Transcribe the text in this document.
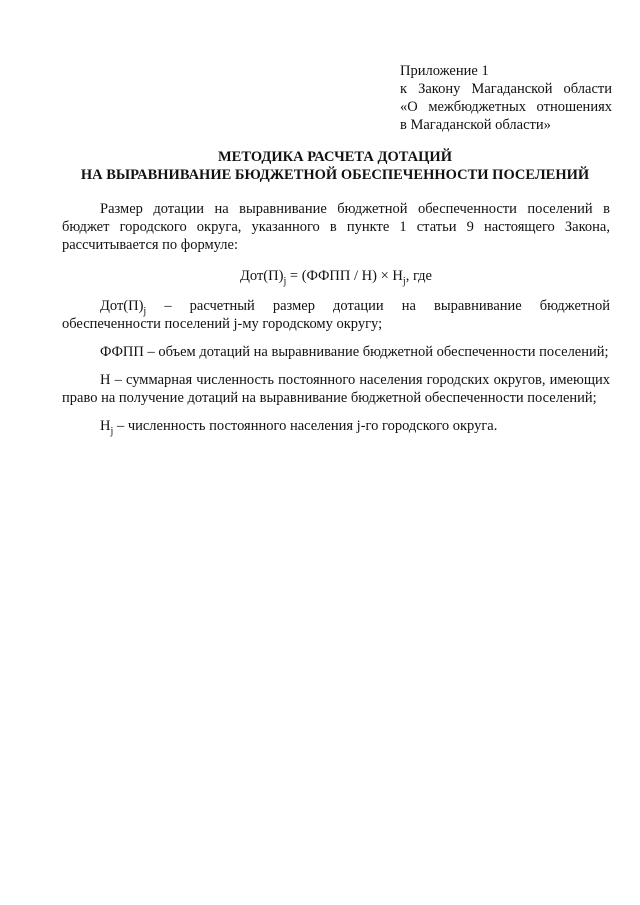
Приложение 1
к Закону Магаданской области
«О межбюджетных отношениях
в Магаданской области»
МЕТОДИКА РАСЧЕТА ДОТАЦИЙ
НА ВЫРАВНИВАНИЕ БЮДЖЕТНОЙ ОБЕСПЕЧЕННОСТИ ПОСЕЛЕНИЙ

Размер дотации на выравнивание бюджетной обеспеченности поселений в бюджет городского округа, указанного в пункте 1 статьи 9 настоящего Закона, рассчитывается по формуле:

$Дот(П)_j$ = (ФФПП / $Н) \times Н_j$, где

$Дот(П)_j$ – расчетный размер дотации на выравнивание бюджетной обеспеченности поселений j-му городскому округу;

ФФПП – объем дотаций на выравнивание бюджетной обеспеченности поселений;

Н – суммарная численность постоянного населения городских округов, имеющих право на получение дотаций на выравнивание бюджетной обеспеченности поселений;

$Н_j$ – численность постоянного населения j-го городского округа.
